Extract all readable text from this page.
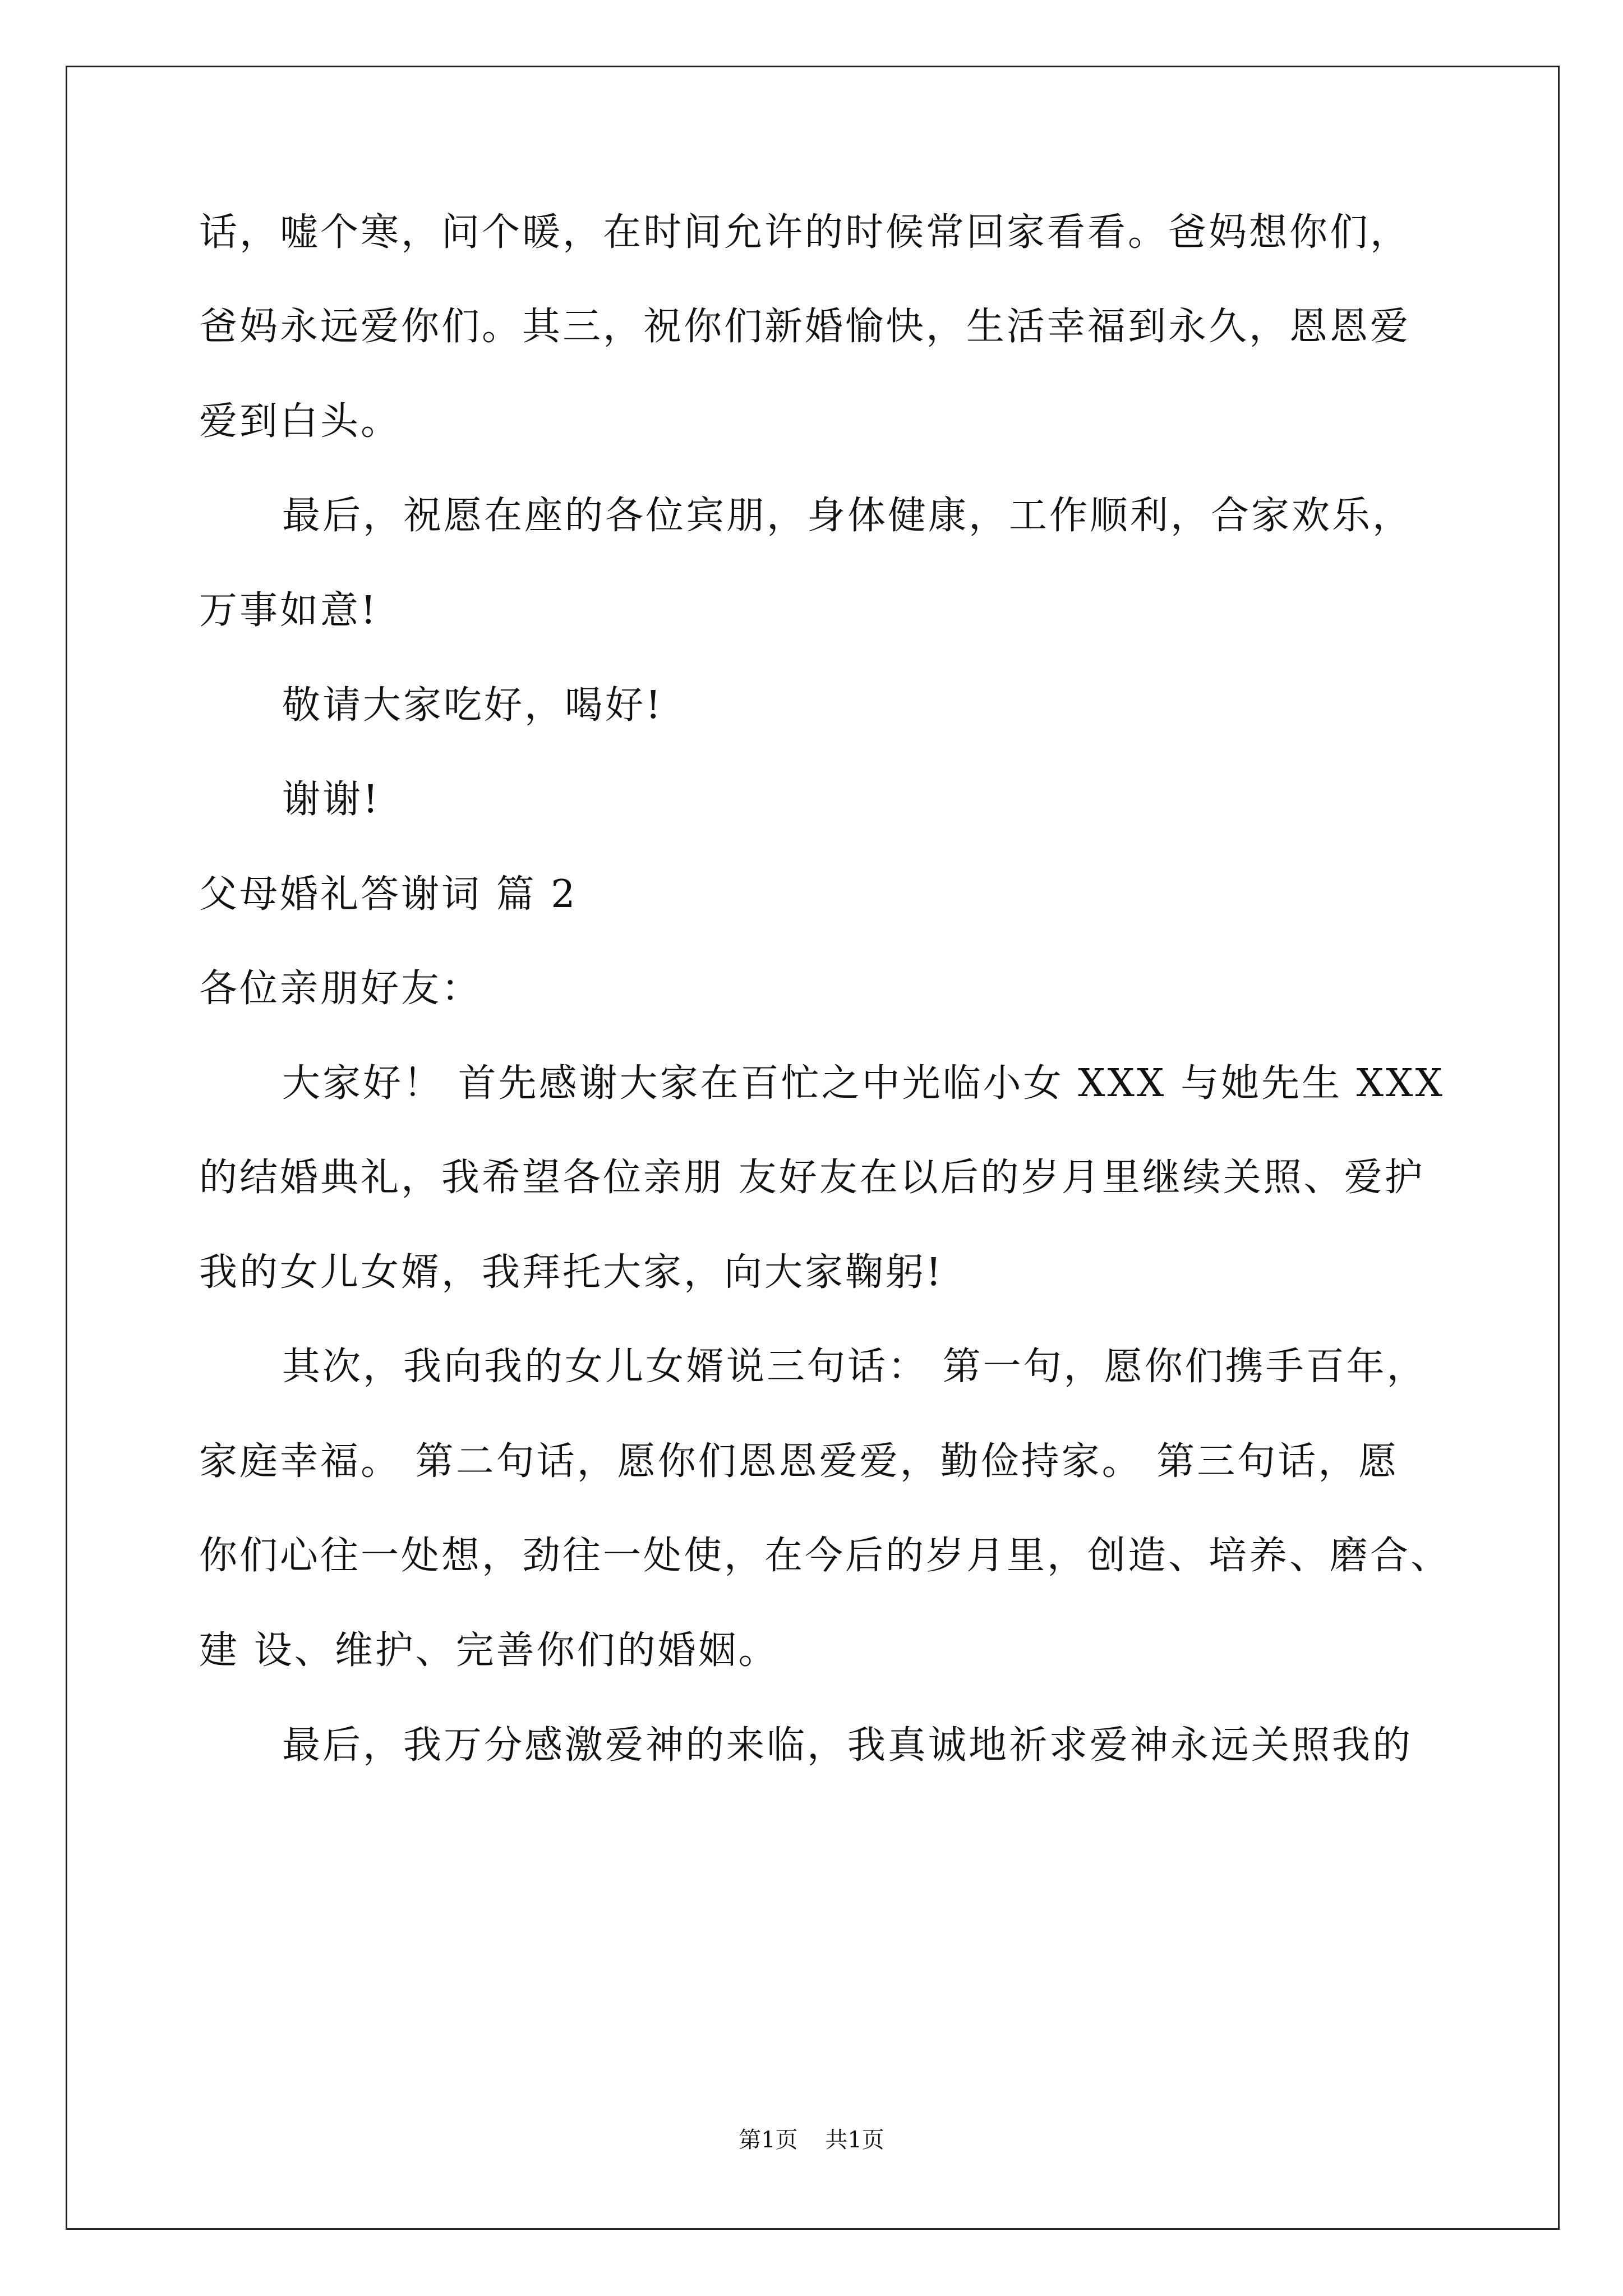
话，嘘个寒，问个暖，在时间允许的时候常回家看看。爸妈想你们，
爸妈永远爱你们。其三，祝你们新婚愉快，生活幸福到永久，恩恩爱
爱到白头。
最后，祝愿在座的各位宾朋，身体健康，工作顺利，合家欢乐，
万事如意!
敬请大家吃好，喝好!
谢谢!
父母婚礼答谢词 篇 2
各位亲朋好友：
大家好！ 首先感谢大家在百忙之中光临小女 XXX 与她先生 XXX
的结婚典礼，我希望各位亲朋 友好友在以后的岁月里继续关照、爱护
我的女儿女婿，我拜托大家，向大家鞠躬!
其次，我向我的女儿女婿说三句话： 第一句，愿你们携手百年，
家庭幸福。 第二句话，愿你们恩恩爱爱，勤俭持家。 第三句话，愿
你们心往一处想，劲往一处使，在今后的岁月里，创造、培养、磨合、
建 设、维护、完善你们的婚姻。
最后，我万分感激爱神的来临，我真诚地祈求爱神永远关照我的
第1页 共1页
